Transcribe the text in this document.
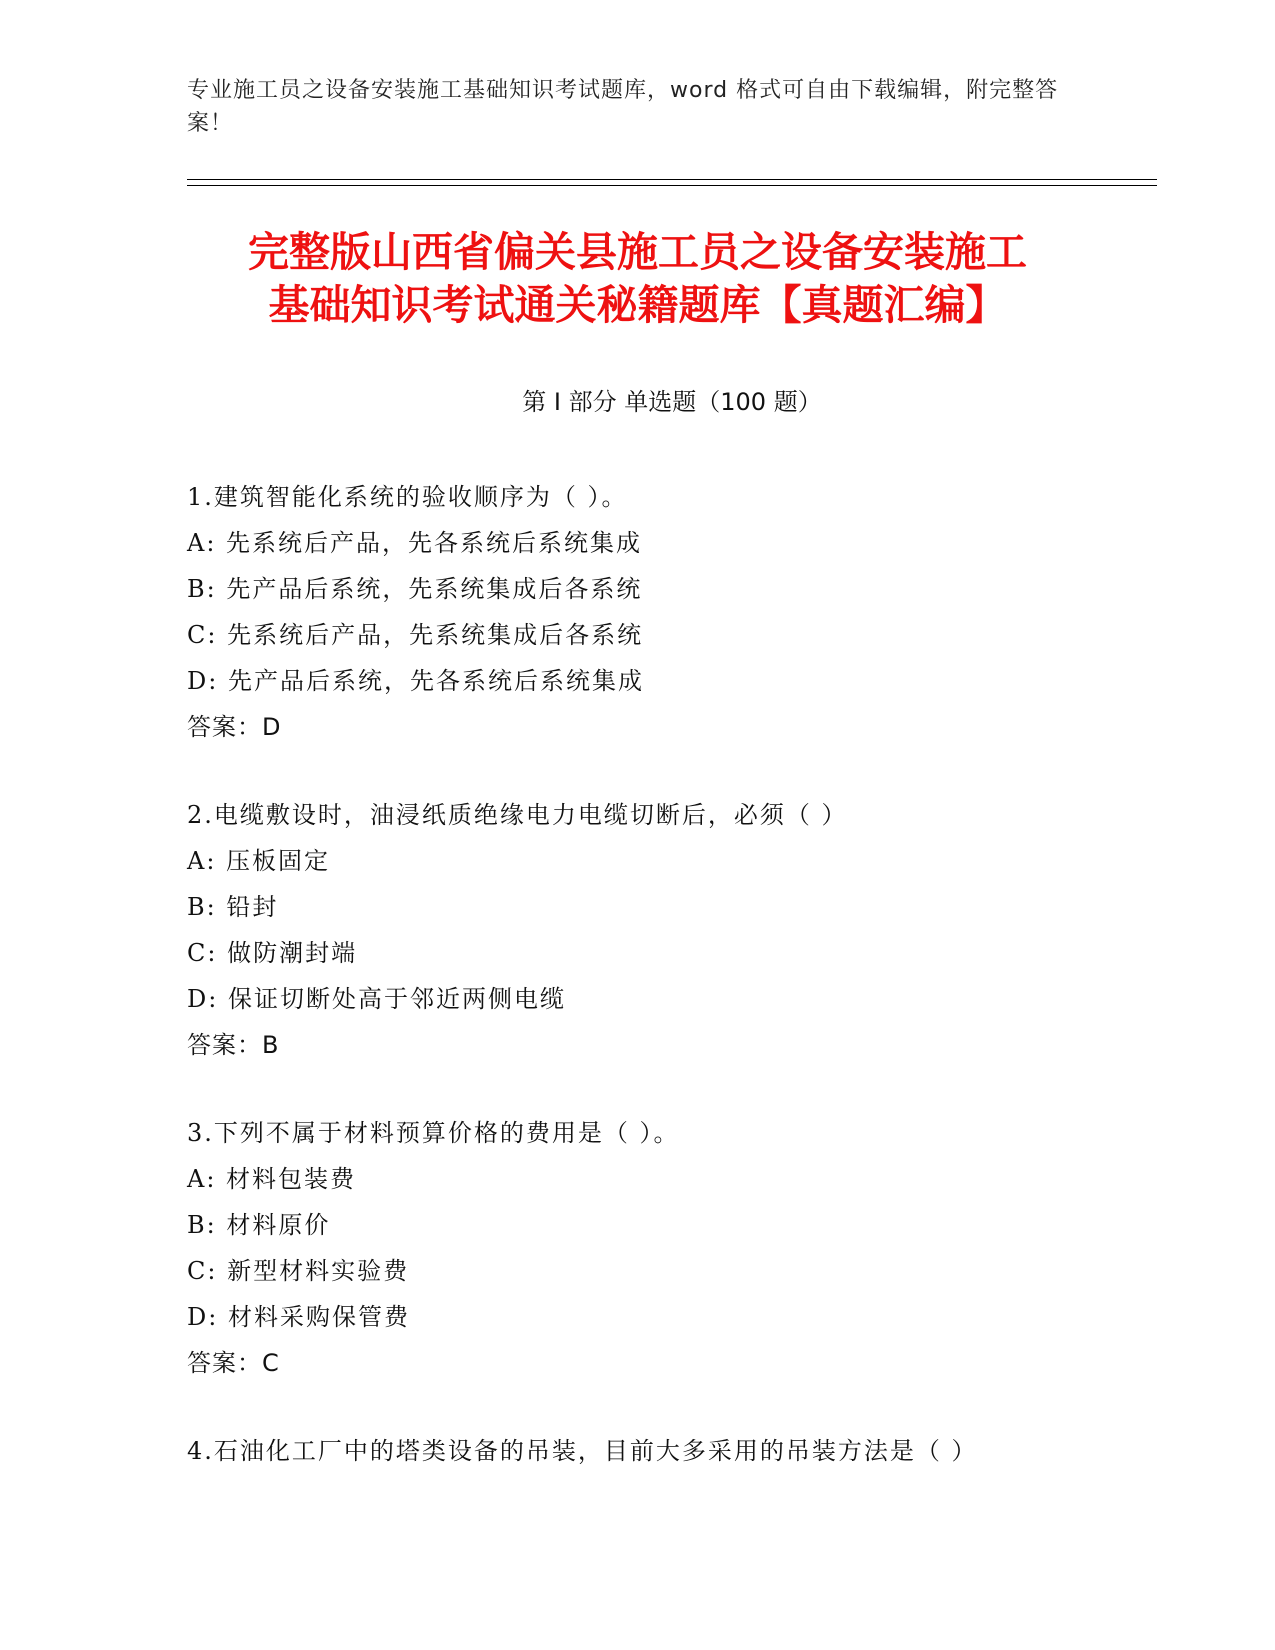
专业施工员之设备安装施工基础知识考试题库，word 格式可自由下载编辑，附完整答案！
完整版山西省偏关县施工员之设备安装施工
基础知识考试通关秘籍题库【真题汇编】
第 I 部分 单选题（100 题）
1.建筑智能化系统的验收顺序为（ ）。
A: 先系统后产品，先各系统后系统集成
B: 先产品后系统，先系统集成后各系统
C: 先系统后产品，先系统集成后各系统
D: 先产品后系统，先各系统后系统集成
答案：D
2.电缆敷设时，油浸纸质绝缘电力电缆切断后，必须（ ）
A: 压板固定
B: 铅封
C: 做防潮封端
D: 保证切断处高于邻近两侧电缆
答案：B
3.下列不属于材料预算价格的费用是（ ）。
A: 材料包装费
B: 材料原价
C: 新型材料实验费
D: 材料采购保管费
答案：C
4.石油化工厂中的塔类设备的吊装，目前大多采用的吊装方法是（ ）
